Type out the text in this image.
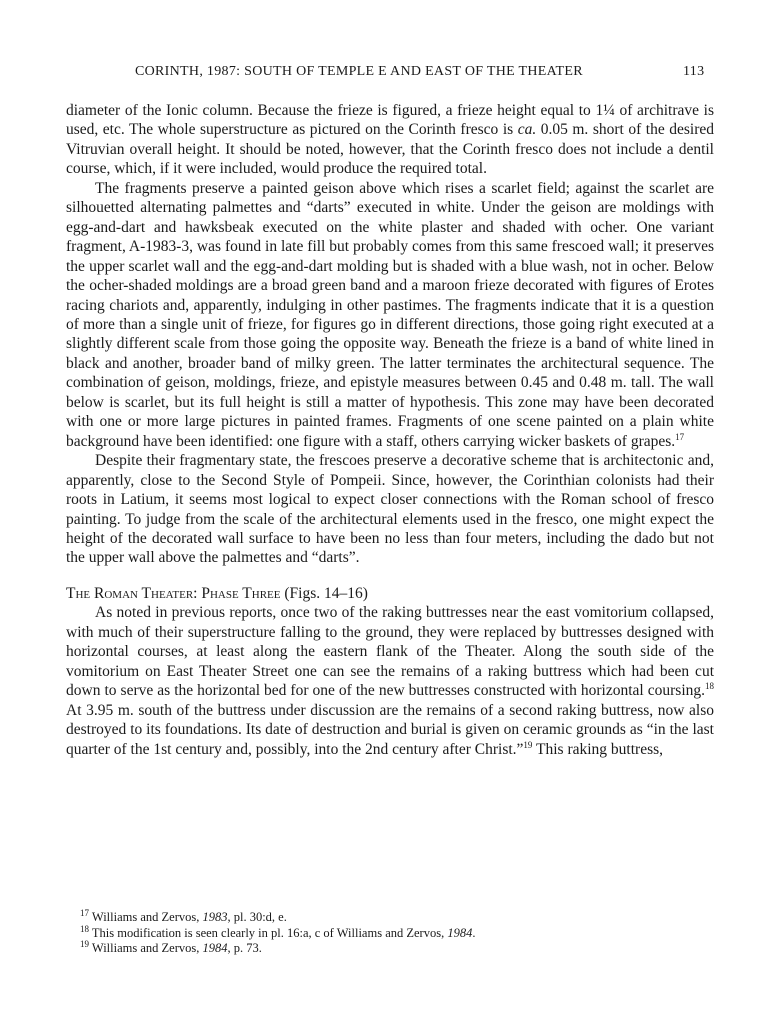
CORINTH, 1987: SOUTH OF TEMPLE E AND EAST OF THE THEATER	113

diameter of the Ionic column. Because the frieze is figured, a frieze height equal to 1¼ of architrave is used, etc. The whole superstructure as pictured on the Corinth fresco is ca. 0.05 m. short of the desired Vitruvian overall height. It should be noted, however, that the Corinth fresco does not include a dentil course, which, if it were included, would produce the required total.

The fragments preserve a painted geison above which rises a scarlet field; against the scarlet are silhouetted alternating palmettes and “darts” executed in white. Under the geison are moldings with egg-and-dart and hawksbeak executed on the white plaster and shaded with ocher. One variant fragment, A-1983-3, was found in late fill but probably comes from this same frescoed wall; it preserves the upper scarlet wall and the egg-and-dart molding but is shaded with a blue wash, not in ocher. Below the ocher-shaded moldings are a broad green band and a maroon frieze decorated with figures of Erotes racing chariots and, apparently, indulging in other pastimes. The fragments indicate that it is a question of more than a single unit of frieze, for figures go in different directions, those going right executed at a slightly different scale from those going the opposite way. Beneath the frieze is a band of white lined in black and another, broader band of milky green. The latter terminates the architectural sequence. The combination of geison, moldings, frieze, and epistyle measures between 0.45 and 0.48 m. tall. The wall below is scarlet, but its full height is still a matter of hypothesis. This zone may have been decorated with one or more large pictures in painted frames. Fragments of one scene painted on a plain white background have been identified: one figure with a staff, others carrying wicker baskets of grapes.$^{17}$

Despite their fragmentary state, the frescoes preserve a decorative scheme that is architectonic and, apparently, close to the Second Style of Pompeii. Since, however, the Corinthian colonists had their roots in Latium, it seems most logical to expect closer connections with the Roman school of fresco painting. To judge from the scale of the architectural elements used in the fresco, one might expect the height of the decorated wall surface to have been no less than four meters, including the dado but not the upper wall above the palmettes and “darts”.

The Roman Theater: Phase Three (Figs. 14–16)

As noted in previous reports, once two of the raking buttresses near the east vomitorium collapsed, with much of their superstructure falling to the ground, they were replaced by buttresses designed with horizontal courses, at least along the eastern flank of the Theater. Along the south side of the vomitorium on East Theater Street one can see the remains of a raking buttress which had been cut down to serve as the horizontal bed for one of the new buttresses constructed with horizontal coursing.$^{18}$ At 3.95 m. south of the buttress under discussion are the remains of a second raking buttress, now also destroyed to its foundations. Its date of destruction and burial is given on ceramic grounds as “in the last quarter of the 1st century and, possibly, into the 2nd century after Christ.”$^{19}$ This raking buttress,

$^{17}$ Williams and Zervos, 1983, pl. 30:d, e.
$^{18}$ This modification is seen clearly in pl. 16:a, c of Williams and Zervos, 1984.
$^{19}$ Williams and Zervos, 1984, p. 73.
